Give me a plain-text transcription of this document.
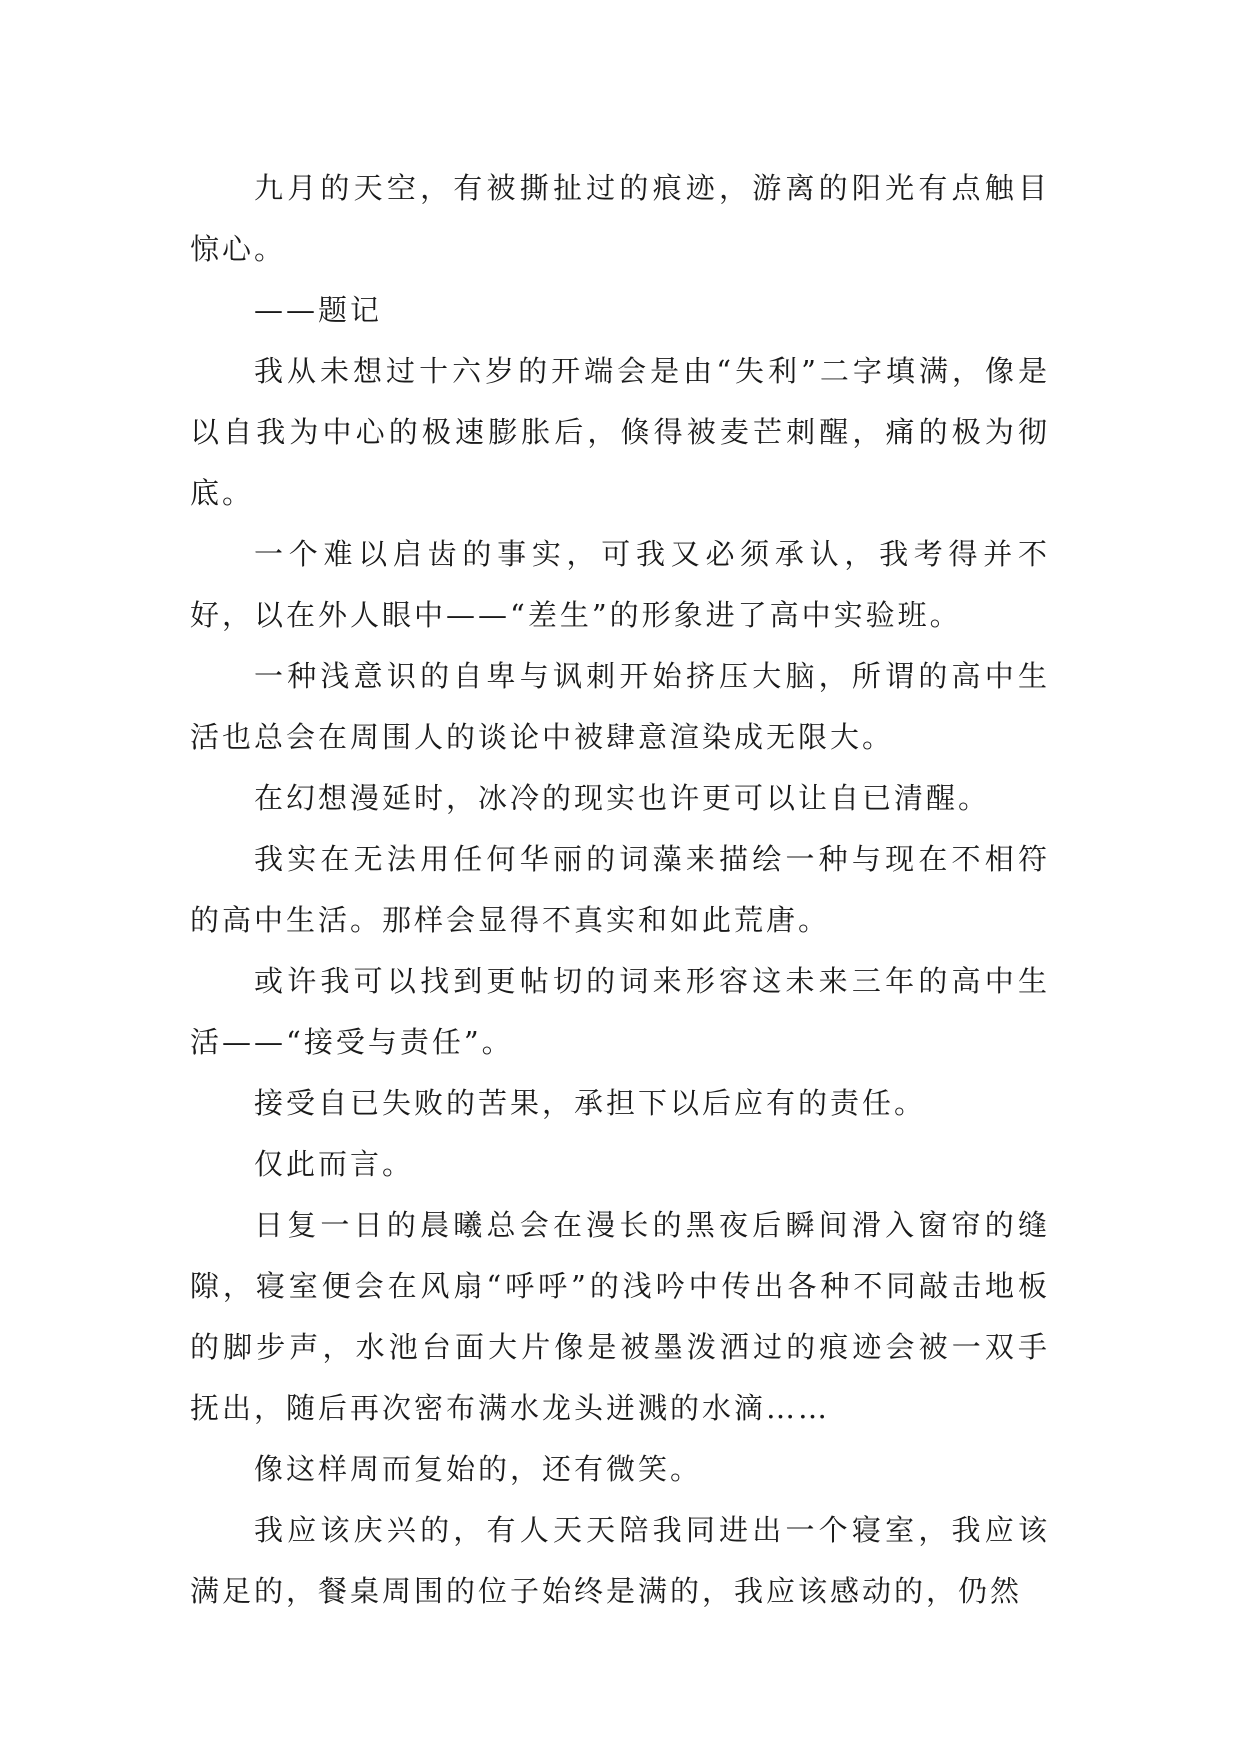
九月的天空，有被撕扯过的痕迹，游离的阳光有点触目惊心。

——题记

我从未想过十六岁的开端会是由“失利”二字填满，像是以自我为中心的极速膨胀后，倏得被麦芒刺醒，痛的极为彻底。

一个难以启齿的事实，可我又必须承认，我考得并不好，以在外人眼中——“差生”的形象进了高中实验班。

一种浅意识的自卑与讽刺开始挤压大脑，所谓的高中生活也总会在周围人的谈论中被肆意渲染成无限大。

在幻想漫延时，冰冷的现实也许更可以让自已清醒。

我实在无法用任何华丽的词藻来描绘一种与现在不相符的高中生活。那样会显得不真实和如此荒唐。

或许我可以找到更帖切的词来形容这未来三年的高中生活——“接受与责任”。

接受自已失败的苦果，承担下以后应有的责任。

仅此而言。

日复一日的晨曦总会在漫长的黑夜后瞬间滑入窗帘的缝隙，寝室便会在风扇“呼呼”的浅吟中传出各种不同敲击地板的脚步声，水池台面大片像是被墨泼洒过的痕迹会被一双手抚出，随后再次密布满水龙头迸溅的水滴……

像这样周而复始的，还有微笑。

我应该庆兴的，有人天天陪我同进出一个寝室，我应该满足的，餐桌周围的位子始终是满的，我应该感动的，仍然
